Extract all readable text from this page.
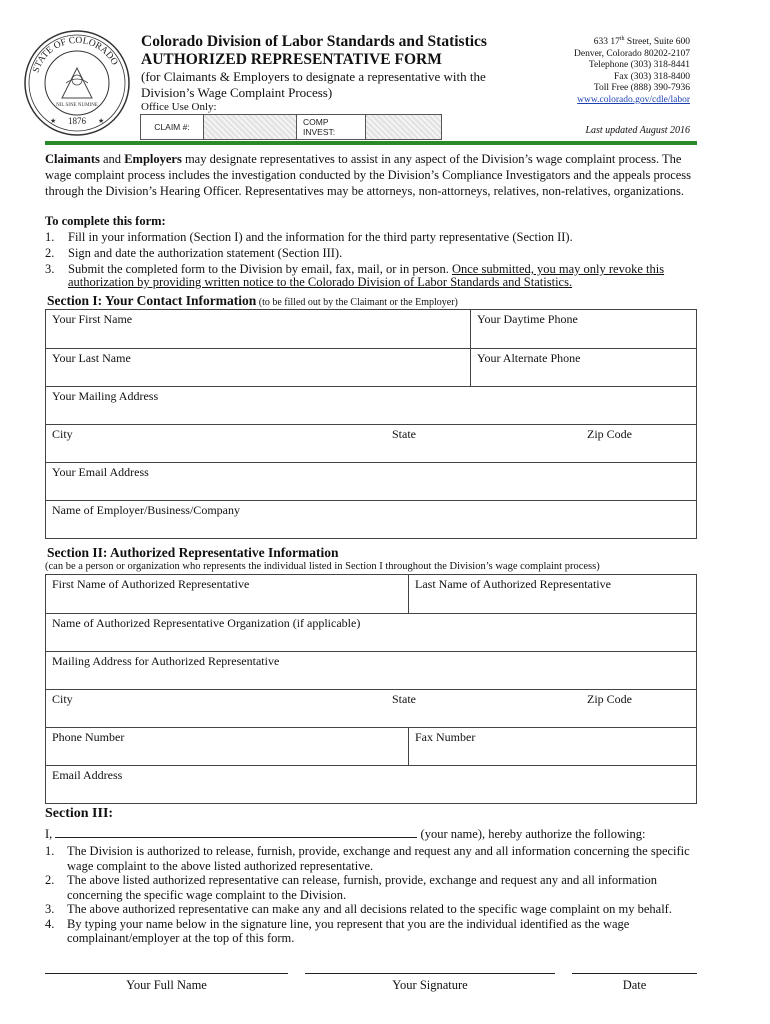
STATE OF COLORADO
NIL SINE NUMINE
1876
★	★
Colorado Division of Labor Standards and Statistics
AUTHORIZED REPRESENTATIVE FORM
(for Claimants & Employers to designate a representative with the Division’s Wage Complaint Process)
Office Use Only:
CLAIM #:	COMP
INVEST:
633 17th Street, Suite 600
Denver, Colorado 80202-2107
Telephone (303) 318-8441
Fax (303) 318-8400
Toll Free (888) 390-7936
www.colorado.gov/cdle/labor
Last updated August 2016
Claimants and Employers may designate representatives to assist in any aspect of the Division’s wage complaint process. The wage complaint process includes the investigation conducted by the Division’s Compliance Investigators and the appeals process through the Division’s Hearing Officer. Representatives may be attorneys, non-attorneys, relatives, non-relatives, organizations.
To complete this form:
1.	Fill in your information (Section I) and the information for the third party representative (Section II).
2.	Sign and date the authorization statement (Section III).
3.	Submit the completed form to the Division by email, fax, mail, or in person. Once submitted, you may only revoke this authorization by providing written notice to the Colorado Division of Labor Standards and Statistics.
Section I: Your Contact Information (to be filled out by the Claimant or the Employer)
Your First Name	Your Daytime Phone
Your Last Name	Your Alternate Phone
Your Mailing Address
City	State	Zip Code
Your Email Address
Name of Employer/Business/Company
Section II: Authorized Representative Information
(can be a person or organization who represents the individual listed in Section I throughout the Division’s wage complaint process)
First Name of Authorized Representative	Last Name of Authorized Representative
Name of Authorized Representative Organization (if applicable)
Mailing Address for Authorized Representative
City	State	Zip Code
Phone Number	Fax Number
Email Address
Section III:
I,	(your name), hereby authorize the following:
1.	The Division is authorized to release, furnish, provide, exchange and request any and all information concerning the specific wage complaint to the above listed authorized representative.
2.	The above listed authorized representative can release, furnish, provide, exchange and request any and all information concerning the specific wage complaint to the Division.
3.	The above authorized representative can make any and all decisions related to the specific wage complaint on my behalf.
4.	By typing your name below in the signature line, you represent that you are the individual identified as the wage complainant/employer at the top of this form.
Your Full Name	Your Signature	Date
